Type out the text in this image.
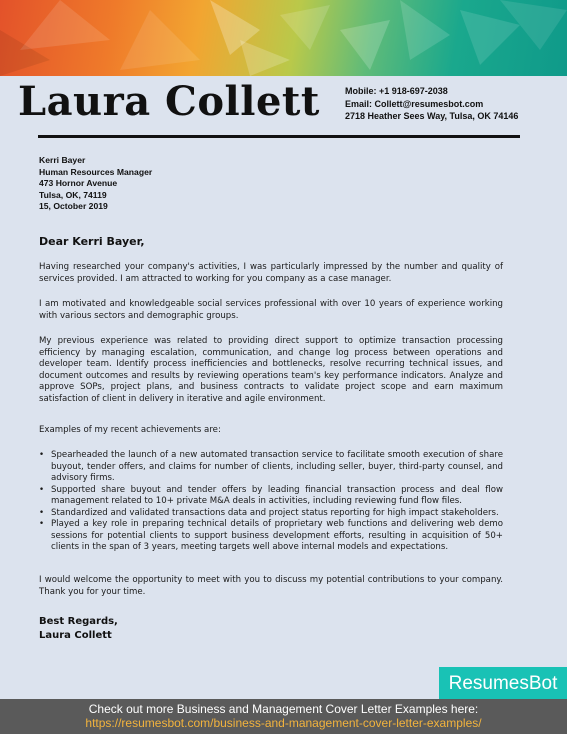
Laura Collett	Mobile: +1 918-697-2038
Email: Collett@resumesbot.com
2718 Heather Sees Way, Tulsa, OK 74146
Kerri Bayer
Human Resources Manager
473 Hornor Avenue
Tulsa, OK, 74119
15, October 2019
Dear Kerri Bayer,

Having researched your company's activities, I was particularly impressed by the number and quality of services provided. I am attracted to working for you company as a case manager.

I am motivated and knowledgeable social services professional with over 10 years of experience working with various sectors and demographic groups.

My previous experience was related to providing direct support to optimize transaction processing efficiency by managing escalation, communication, and change log process between operations and developer team. Identify process inefficiencies and bottlenecks, resolve recurring technical issues, and document outcomes and results by reviewing operations team's key performance indicators. Analyze and approve SOPs, project plans, and business contracts to validate project scope and earn maximum satisfaction of client in delivery in iterative and agile environment.

Examples of my recent achievements are:

• Spearheaded the launch of a new automated transaction service to facilitate smooth execution of share buyout, tender offers, and claims for number of clients, including seller, buyer, third-party counsel, and advisory firms.
• Supported share buyout and tender offers by leading financial transaction process and deal flow management related to 10+ private M&A deals in activities, including reviewing fund flow files.
• Standardized and validated transactions data and project status reporting for high impact stakeholders.
• Played a key role in preparing technical details of proprietary web functions and delivering web demo sessions for potential clients to support business development efforts, resulting in acquisition of 50+ clients in the span of 3 years, meeting targets well above internal models and expectations.

I would welcome the opportunity to meet with you to discuss my potential contributions to your company. Thank you for your time.

Best Regards,
Laura Collett
ResumesBot
Check out more Business and Management Cover Letter Examples here:
https://resumesbot.com/business-and-management-cover-letter-examples/
